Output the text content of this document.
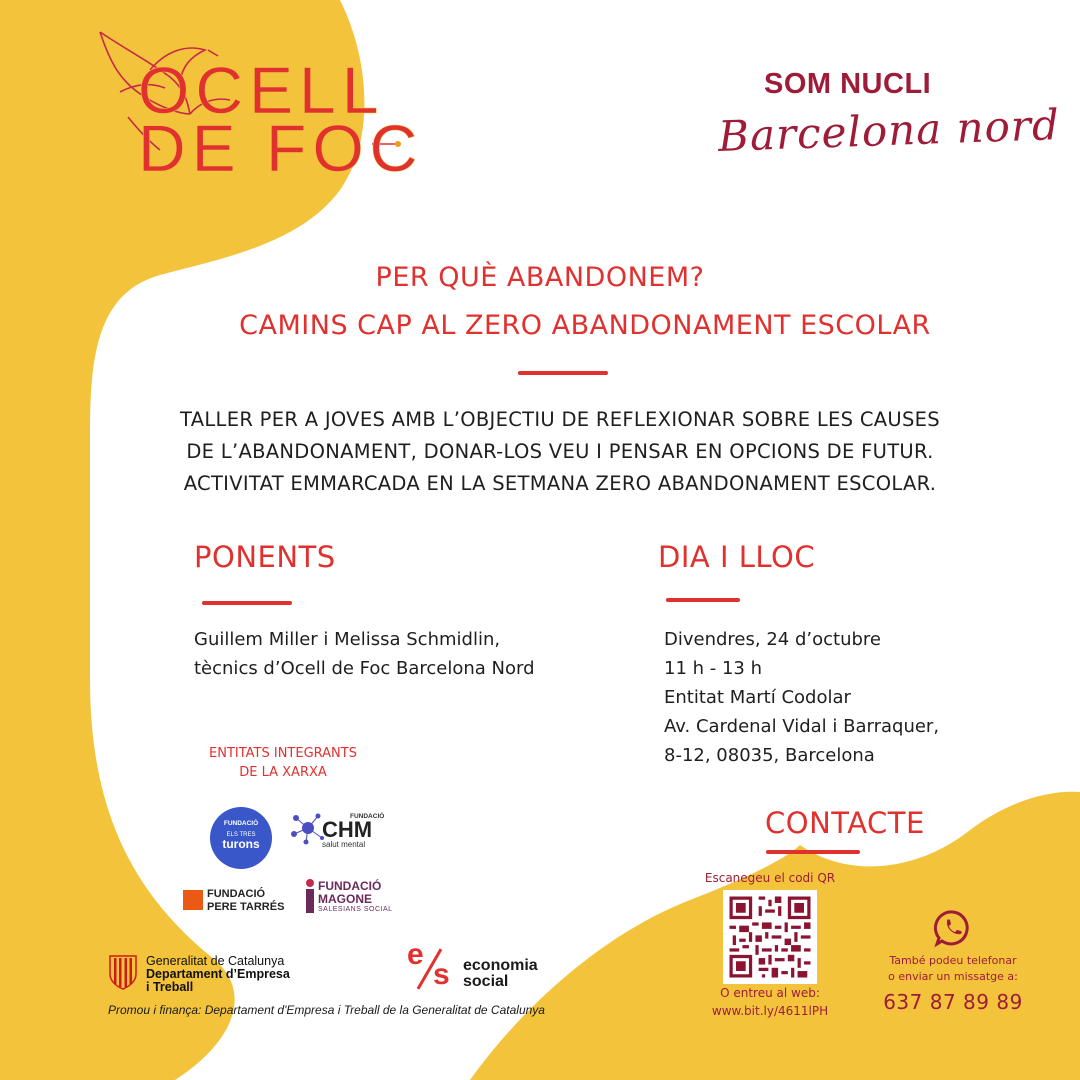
OCELL
DE FOC
SOM NUCLI
Barcelona nord
PER QUÈ ABANDONEM?
CAMINS CAP AL ZERO ABANDONAMENT ESCOLAR
TALLER PER A JOVES AMB L’OBJECTIU DE REFLEXIONAR SOBRE LES CAUSES
DE L’ABANDONAMENT, DONAR-LOS VEU I PENSAR EN OPCIONS DE FUTUR.
ACTIVITAT EMMARCADA EN LA SETMANA ZERO ABANDONAMENT ESCOLAR.
PONENTS
Guillem Miller i Melissa Schmidlin,
tècnics d’Ocell de Foc Barcelona Nord
DIA I LLOC
Divendres, 24 d’octubre
11 h - 13 h
Entitat Martí Codolar
Av. Cardenal Vidal i Barraquer,
8-12, 08035, Barcelona
ENTITATS INTEGRANTS
DE LA XARXA
FUNDACIÓ
ELS TRES
turons
FUNDACIÓ
CHM
salut mental
FUNDACIÓ
PERE TARRÉS
FUNDACIÓ
MAGONE
SALESIANS SOCIAL
Generalitat de Catalunya
Departament d’Empresa
i Treball
e
s economia
social
Promou i finança: Departament d'Empresa i Treball de la Generalitat de Catalunya
CONTACTE
Escanegeu el codi QR
O entreu al web:
www.bit.ly/4611lPH
També podeu telefonar
o enviar un missatge a:
637 87 89 89
